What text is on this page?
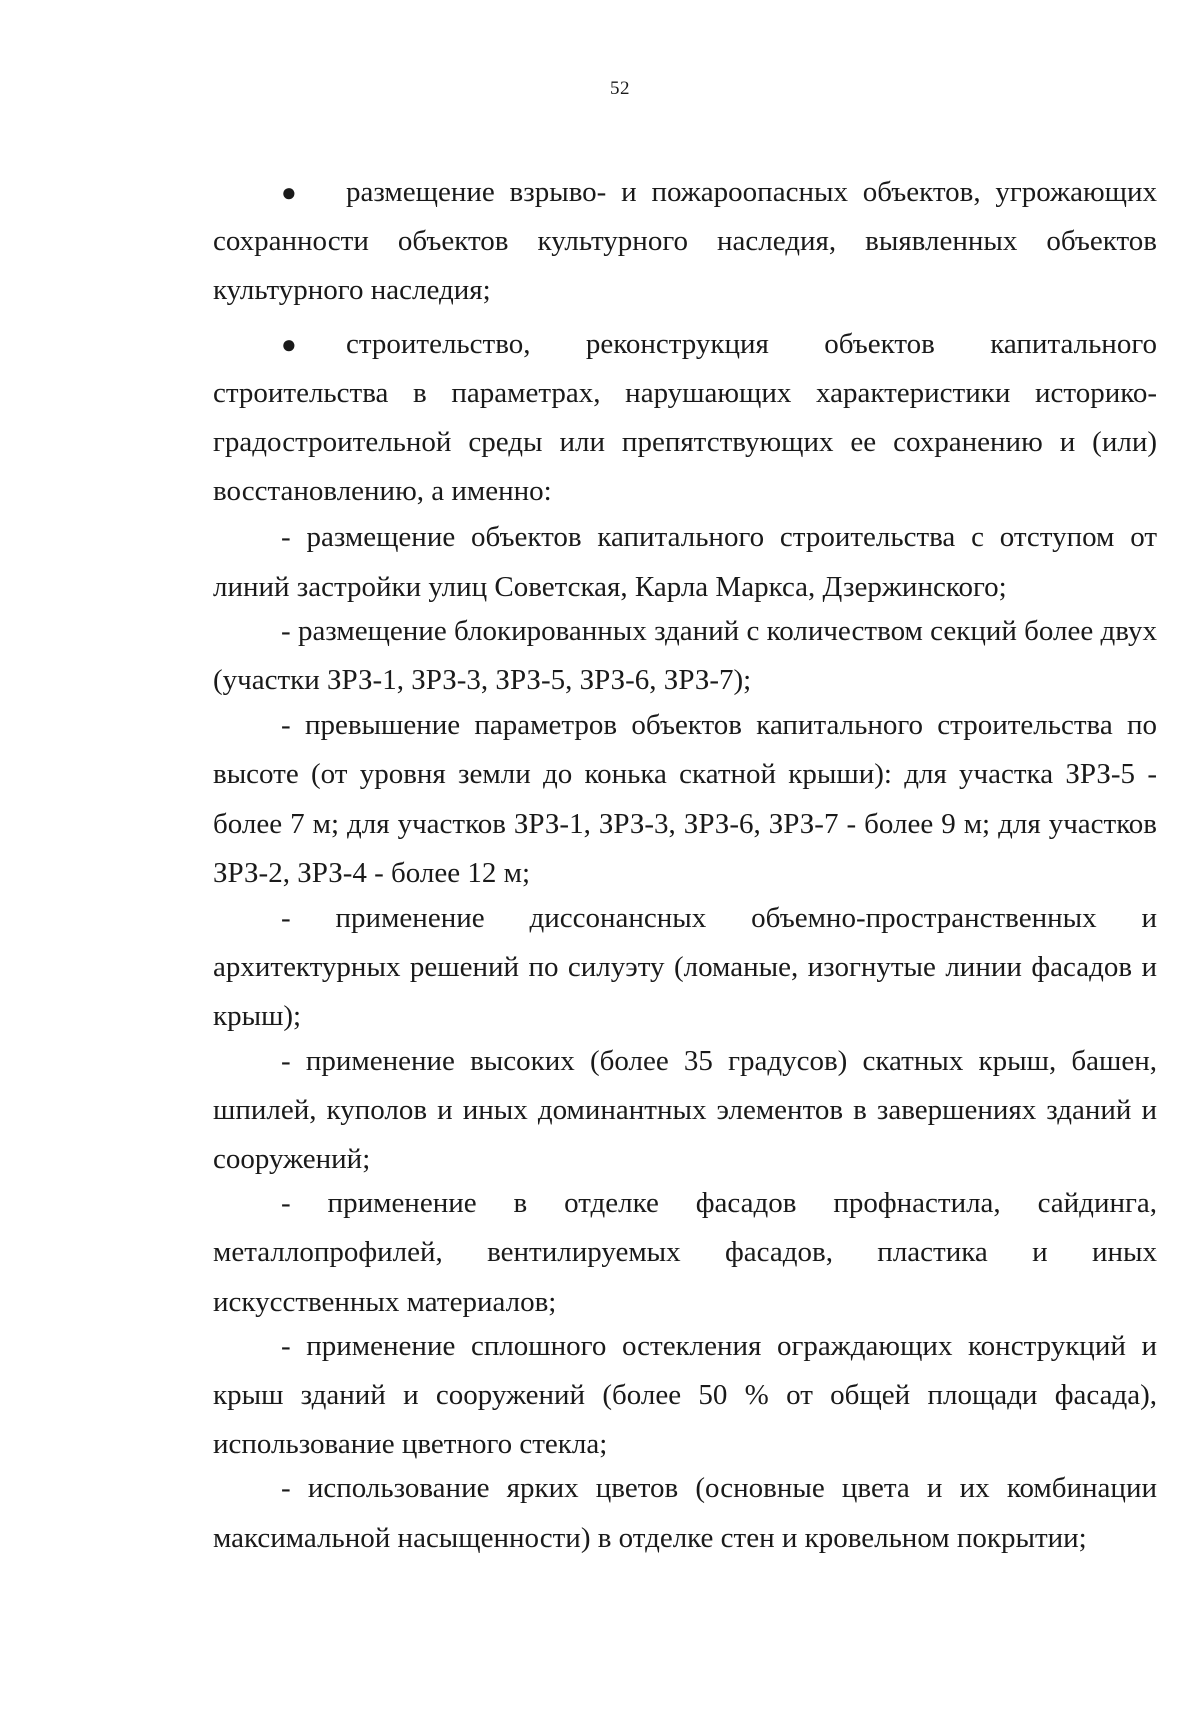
52

● размещение взрыво- и пожароопасных объектов, угрожающих сохранности объектов культурного наследия, выявленных объектов культурного наследия;

● строительство, реконструкция объектов капитального строительства в параметрах, нарушающих характеристики историко-градостроительной среды или препятствующих ее сохранению и (или) восстановлению, а именно:

- размещение объектов капитального строительства с отступом от линий застройки улиц Советская, Карла Маркса, Дзержинского;

- размещение блокированных зданий с количеством секций более двух (участки ЗРЗ-1, ЗРЗ-3, ЗРЗ-5, ЗРЗ-6, ЗРЗ-7);

- превышение параметров объектов капитального строительства по высоте (от уровня земли до конька скатной крыши): для участка ЗРЗ-5 - более 7 м; для участков ЗРЗ-1, ЗРЗ-3, ЗРЗ-6, ЗРЗ-7 - более 9 м; для участков ЗРЗ-2, ЗРЗ-4 - более 12 м;

- применение диссонансных объемно-пространственных и архитектурных решений по силуэту (ломаные, изогнутые линии фасадов и крыш);

- применение высоких (более 35 градусов) скатных крыш, башен, шпилей, куполов и иных доминантных элементов в завершениях зданий и сооружений;

- применение в отделке фасадов профнастила, сайдинга, металлопрофилей, вентилируемых фасадов, пластика и иных искусственных материалов;

- применение сплошного остекления ограждающих конструкций и крыш зданий и сооружений (более 50 % от общей площади фасада), использование цветного стекла;

- использование ярких цветов (основные цвета и их комбинации максимальной насыщенности) в отделке стен и кровельном покрытии;
